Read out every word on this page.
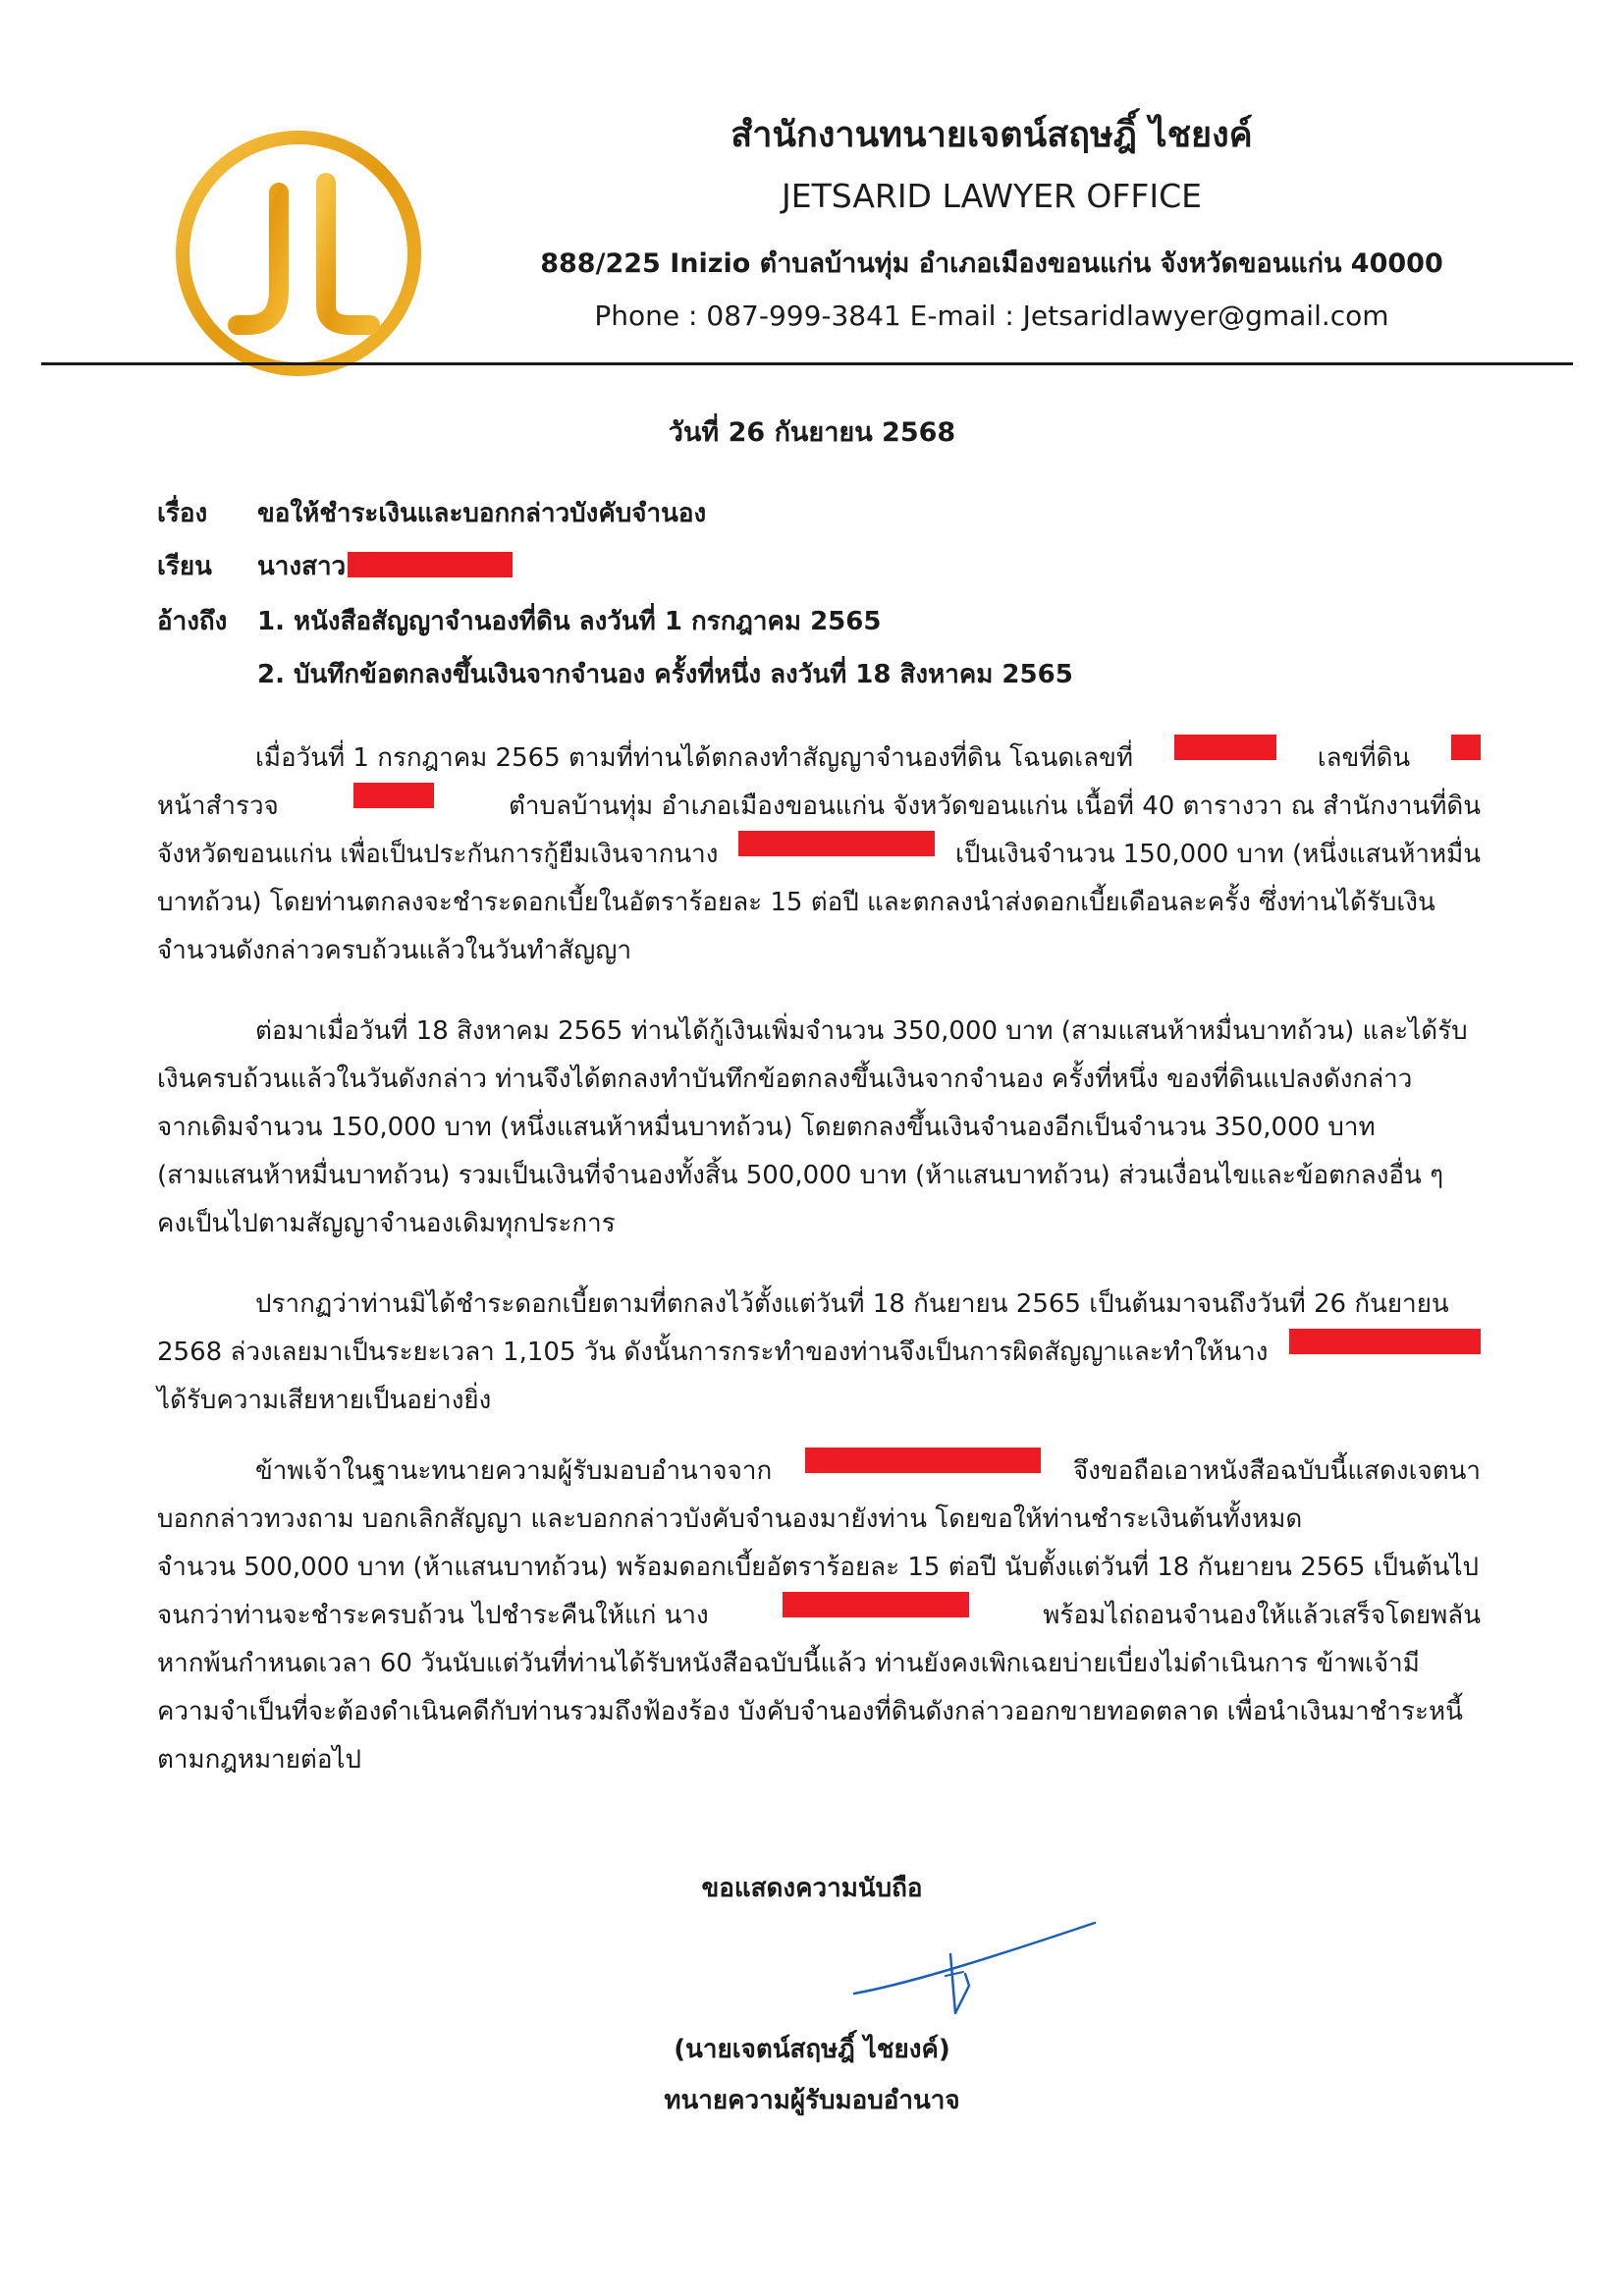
JL	สำนักงานทนายเจตน์สฤษฎิ์ ไชยงค์
JETSARID LAWYER OFFICE
888/225 Inizio ตำบลบ้านทุ่ม อำเภอเมืองขอนแก่น จังหวัดขอนแก่น 40000
Phone : 087-999-3841 E-mail : Jetsaridlawyer@gmail.com
วันที่ 26 กันยายน 2568
เรื่อง ขอให้ชำระเงินและบอกกล่าวบังคับจำนอง
เรียน นางสาว
อ้างถึง 1. หนังสือสัญญาจำนองที่ดิน ลงวันที่ 1 กรกฎาคม 2565
2. บันทึกข้อตกลงขึ้นเงินจากจำนอง ครั้งที่หนึ่ง ลงวันที่ 18 สิงหาคม 2565
เมื่อวันที่ 1 กรกฎาคม 2565 ตามที่ท่านได้ตกลงทำสัญญาจำนองที่ดิน โฉนดเลขที่	เลขที่ดิน
หน้าสำรวจ	ตำบลบ้านทุ่ม อำเภอเมืองขอนแก่น จังหวัดขอนแก่น เนื้อที่ 40 ตารางวา ณ สำนักงานที่ดิน
จังหวัดขอนแก่น เพื่อเป็นประกันการกู้ยืมเงินจากนาง	เป็นเงินจำนวน 150,000 บาท (หนึ่งแสนห้าหมื่น
บาทถ้วน) โดยท่านตกลงจะชำระดอกเบี้ยในอัตราร้อยละ 15 ต่อปี และตกลงนำส่งดอกเบี้ยเดือนละครั้ง ซึ่งท่านได้รับเงิน
จำนวนดังกล่าวครบถ้วนแล้วในวันทำสัญญา
ต่อมาเมื่อวันที่ 18 สิงหาคม 2565 ท่านได้กู้เงินเพิ่มจำนวน 350,000 บาท (สามแสนห้าหมื่นบาทถ้วน) และได้รับ
เงินครบถ้วนแล้วในวันดังกล่าว ท่านจึงได้ตกลงทำบันทึกข้อตกลงขึ้นเงินจากจำนอง ครั้งที่หนึ่ง ของที่ดินแปลงดังกล่าว
จากเดิมจำนวน 150,000 บาท (หนึ่งแสนห้าหมื่นบาทถ้วน) โดยตกลงขึ้นเงินจำนองอีกเป็นจำนวน 350,000 บาท
(สามแสนห้าหมื่นบาทถ้วน) รวมเป็นเงินที่จำนองทั้งสิ้น 500,000 บาท (ห้าแสนบาทถ้วน) ส่วนเงื่อนไขและข้อตกลงอื่น ๆ
คงเป็นไปตามสัญญาจำนองเดิมทุกประการ
ปรากฏว่าท่านมิได้ชำระดอกเบี้ยตามที่ตกลงไว้ตั้งแต่วันที่ 18 กันยายน 2565 เป็นต้นมาจนถึงวันที่ 26 กันยายน
2568 ล่วงเลยมาเป็นระยะเวลา 1,105 วัน ดังนั้นการกระทำของท่านจึงเป็นการผิดสัญญาและทำให้นาง
ได้รับความเสียหายเป็นอย่างยิ่ง
ข้าพเจ้าในฐานะทนายความผู้รับมอบอำนาจจาก	จึงขอถือเอาหนังสือฉบับนี้แสดงเจตนา
บอกกล่าวทวงถาม บอกเลิกสัญญา และบอกกล่าวบังคับจำนองมายังท่าน โดยขอให้ท่านชำระเงินต้นทั้งหมด
จำนวน 500,000 บาท (ห้าแสนบาทถ้วน) พร้อมดอกเบี้ยอัตราร้อยละ 15 ต่อปี นับตั้งแต่วันที่ 18 กันยายน 2565 เป็นต้นไป
จนกว่าท่านจะชำระครบถ้วน ไปชำระคืนให้แก่ นาง	พร้อมไถ่ถอนจำนองให้แล้วเสร็จโดยพลัน
หากพ้นกำหนดเวลา 60 วันนับแต่วันที่ท่านได้รับหนังสือฉบับนี้แล้ว ท่านยังคงเพิกเฉยบ่ายเบี่ยงไม่ดำเนินการ ข้าพเจ้ามี
ความจำเป็นที่จะต้องดำเนินคดีกับท่านรวมถึงฟ้องร้อง บังคับจำนองที่ดินดังกล่าวออกขายทอดตลาด เพื่อนำเงินมาชำระหนี้
ตามกฎหมายต่อไป
ขอแสดงความนับถือ
(นายเจตน์สฤษฎิ์ ไชยงค์)
ทนายความผู้รับมอบอำนาจ
